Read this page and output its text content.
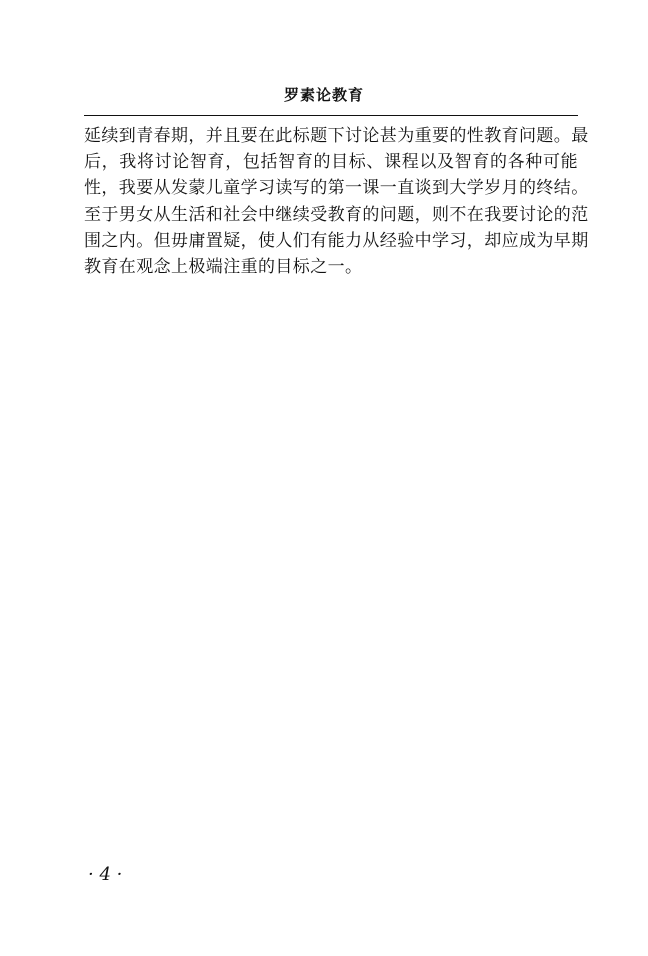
罗素论教育
延续到青春期，并且要在此标题下讨论甚为重要的性教育问题。最
后，我将讨论智育，包括智育的目标、课程以及智育的各种可能
性，我要从发蒙儿童学习读写的第一课一直谈到大学岁月的终结。
至于男女从生活和社会中继续受教育的问题，则不在我要讨论的范
围之内。但毋庸置疑，使人们有能力从经验中学习，却应成为早期
教育在观念上极端注重的目标之一。
· 4 ·
